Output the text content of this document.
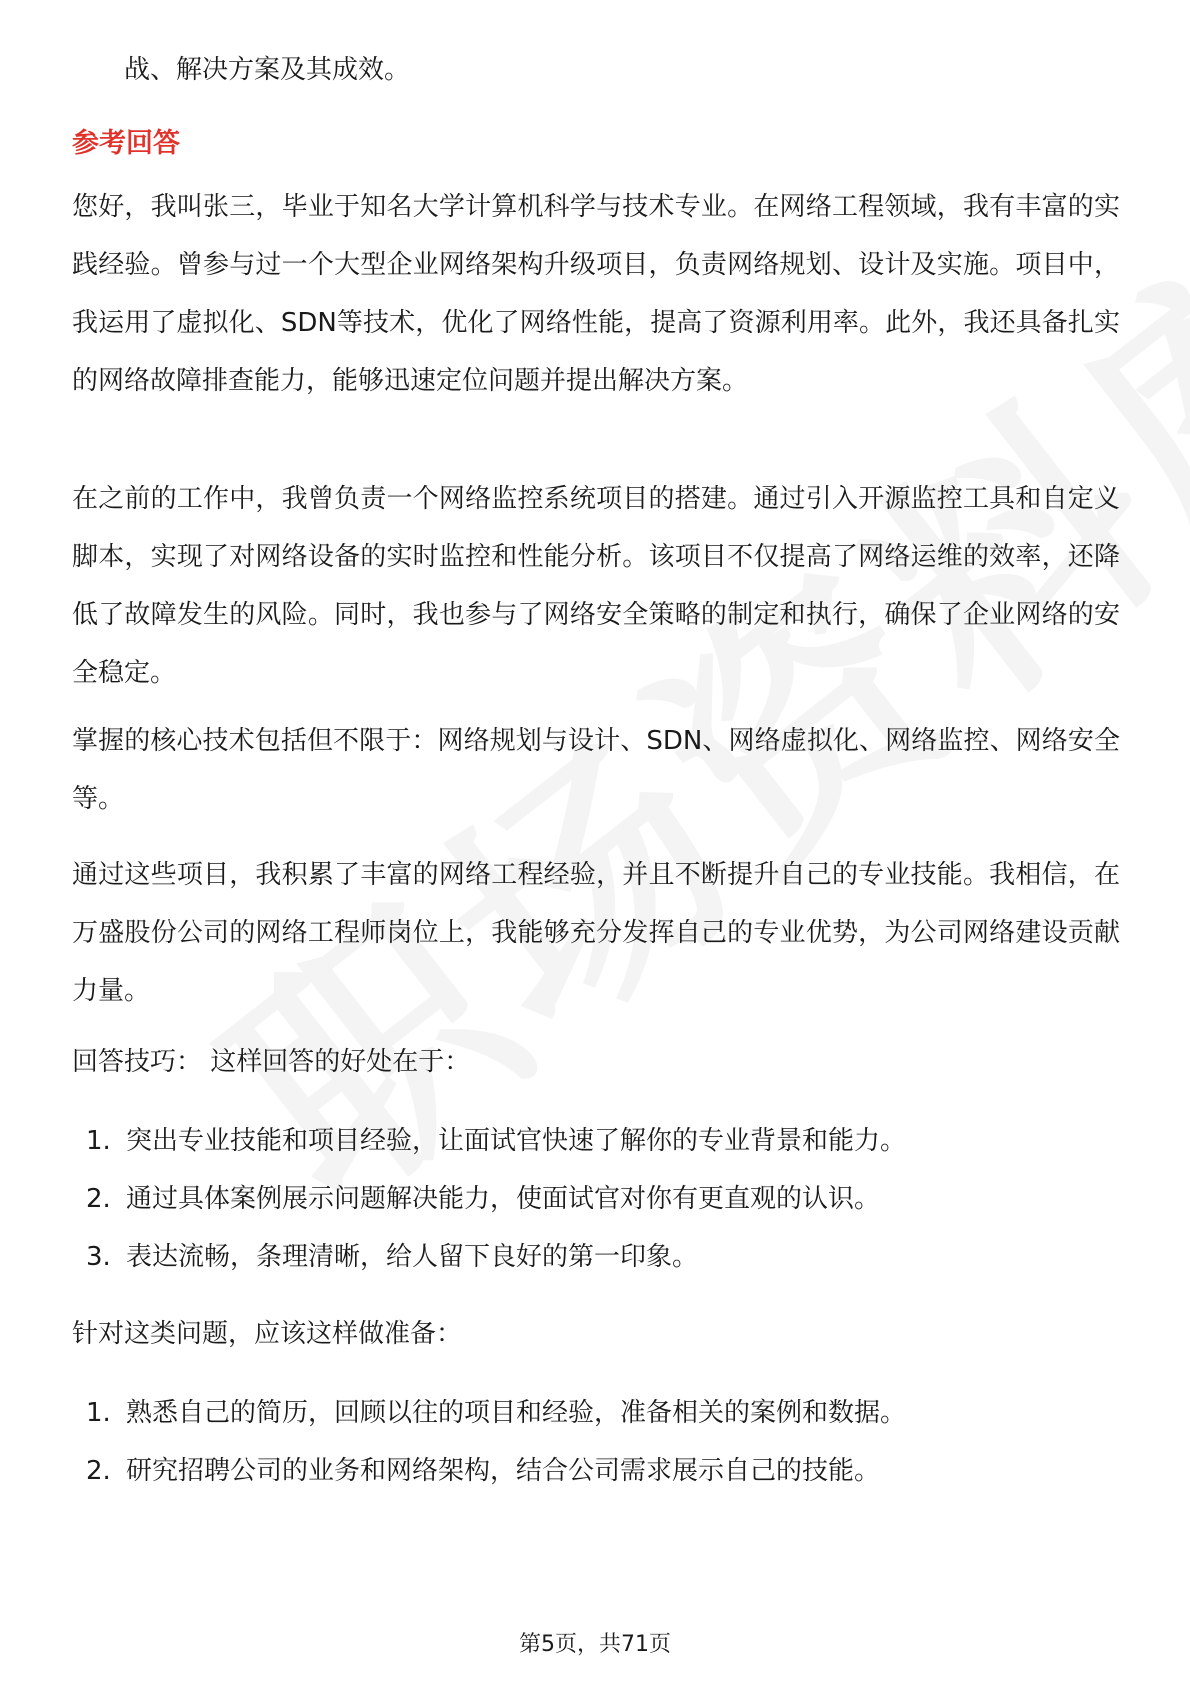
战、解决方案及其成效。

参考回答

您好，我叫张三，毕业于知名大学计算机科学与技术专业。在网络工程领域，我有丰富的实践经验。曾参与过一个大型企业网络架构升级项目，负责网络规划、设计及实施。项目中，我运用了虚拟化、SDN等技术，优化了网络性能，提高了资源利用率。此外，我还具备扎实的网络故障排查能力，能够迅速定位问题并提出解决方案。

在之前的工作中，我曾负责一个网络监控系统项目的搭建。通过引入开源监控工具和自定义脚本，实现了对网络设备的实时监控和性能分析。该项目不仅提高了网络运维的效率，还降低了故障发生的风险。同时，我也参与了网络安全策略的制定和执行，确保了企业网络的安全稳定。

掌握的核心技术包括但不限于：网络规划与设计、SDN、网络虚拟化、网络监控、网络安全等。

通过这些项目，我积累了丰富的网络工程经验，并且不断提升自己的专业技能。我相信，在万盛股份公司的网络工程师岗位上，我能够充分发挥自己的专业优势，为公司网络建设贡献力量。

回答技巧： 这样回答的好处在于：

1. 突出专业技能和项目经验，让面试官快速了解你的专业背景和能力。
2. 通过具体案例展示问题解决能力，使面试官对你有更直观的认识。
3. 表达流畅，条理清晰，给人留下良好的第一印象。

针对这类问题，应该这样做准备：

1. 熟悉自己的简历，回顾以往的项目和经验，准备相关的案例和数据。
2. 研究招聘公司的业务和网络架构，结合公司需求展示自己的技能。
第5页，共71页
